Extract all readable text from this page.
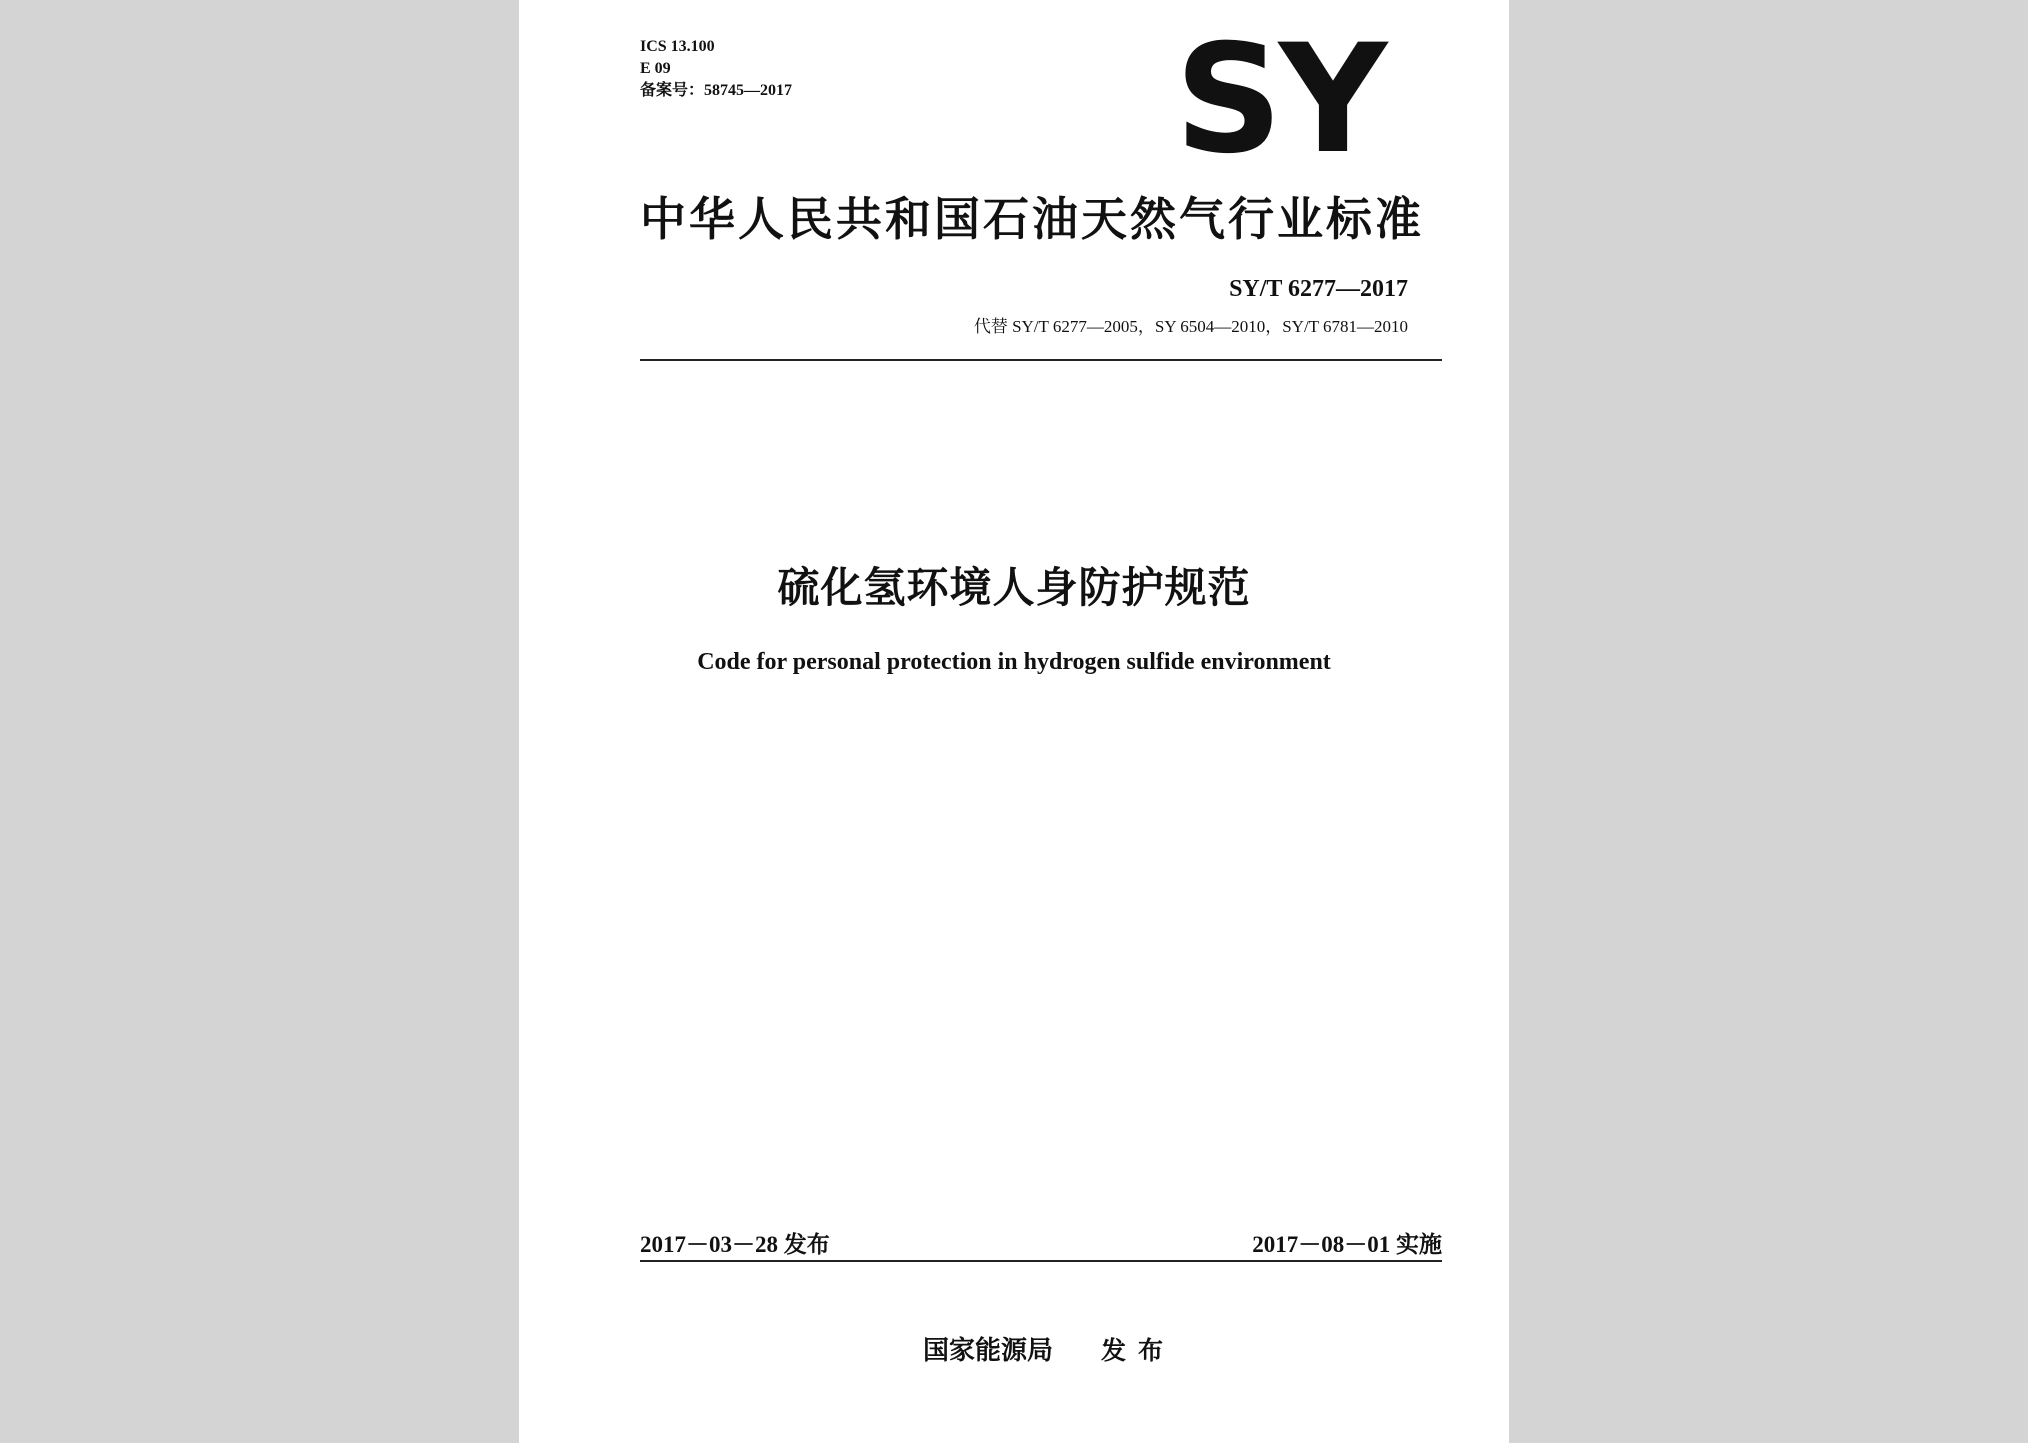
ICS 13.100
E 09
备案号：58745—2017	SY
中华人民共和国石油天然气行业标准
SY/T 6277—2017
代替 SY/T 6277—2005，SY 6504—2010，SY/T 6781—2010
硫化氢环境人身防护规范
Code for personal protection in hydrogen sulfide environment
2017－03－28 发布	2017－08－01 实施
国家能源局 发布
